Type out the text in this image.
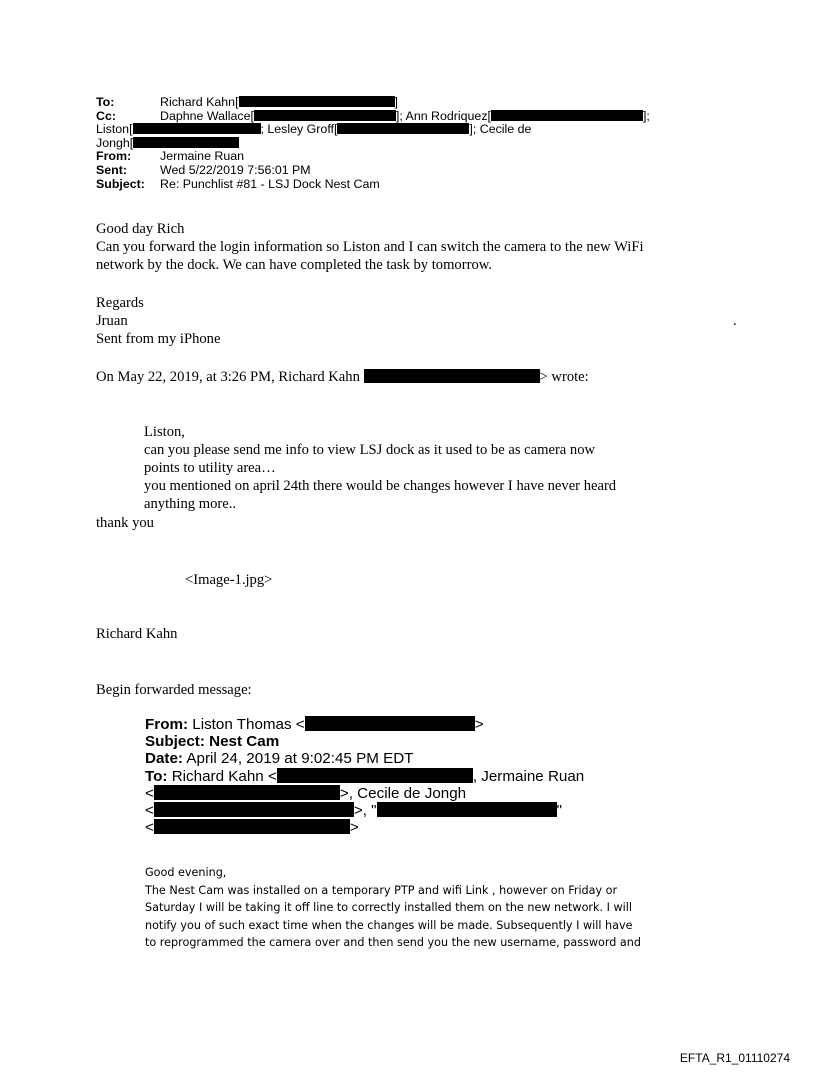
To:	Richard Kahn[	]
Cc:	Daphne Wallace[	]; Ann Rodriquez[	];
Liston[	; Lesley Groff[	]; Cecile de
Jongh[
From: Jermaine Ruan
Sent:	Wed 5/22/2019 7:56:01 PM
Subject: Re: Punchlist #81 - LSJ Dock Nest Cam
Good day Rich
Can you forward the login information so Liston and I can switch the camera to the new WiFi
network by the dock. We can have completed the task by tomorrow.
Regards
Jruan
Sent from my iPhone
.
On May 22, 2019, at 3:26 PM, Richard Kahn	> wrote:
Liston,
can you please send me info to view LSJ dock as it used to be as camera now
points to utility area…
you mentioned on april 24th there would be changes however I have never heard
anything more..
thank you
<Image-1.jpg>
Richard Kahn
Begin forwarded message:
From: Liston Thomas <	>
Subject: Nest Cam
Date: April 24, 2019 at 9:02:45 PM EDT
To: Richard Kahn <	, Jermaine Ruan
<	>, Cecile de Jongh
<	>, "	"
<	>
Good evening,
The Nest Cam was installed on a temporary PTP and wifi Link , however on Friday or
Saturday I will be taking it off line to correctly installed them on the new network. I will
notify you of such exact time when the changes will be made. Subsequently I will have
to reprogrammed the camera over and then send you the new username, password and
EFTA_R1_01110274
